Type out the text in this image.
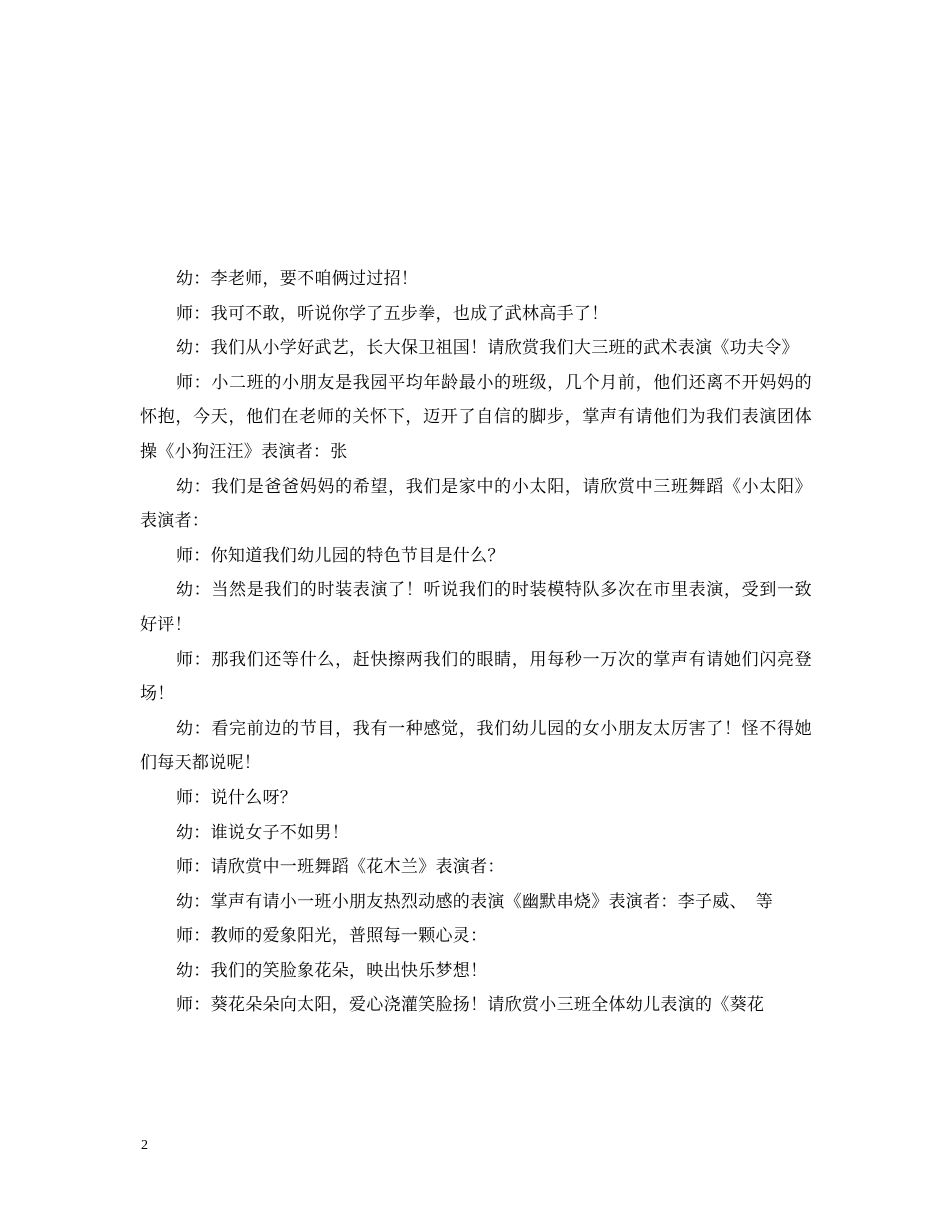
幼：李老师，要不咱俩过过招！

师：我可不敢，听说你学了五步拳，也成了武林高手了！

幼：我们从小学好武艺，长大保卫祖国！请欣赏我们大三班的武术表演《功夫令》

师：小二班的小朋友是我园平均年龄最小的班级，几个月前，他们还离不开妈妈的怀抱，今天，他们在老师的关怀下，迈开了自信的脚步，掌声有请他们为我们表演团体操《小狗汪汪》表演者：张

幼：我们是爸爸妈妈的希望，我们是家中的小太阳，请欣赏中三班舞蹈《小太阳》表演者：

师：你知道我们幼儿园的特色节目是什么？

幼：当然是我们的时装表演了！听说我们的时装模特队多次在市里表演，受到一致好评！

师：那我们还等什么，赶快擦两我们的眼睛，用每秒一万次的掌声有请她们闪亮登场！

幼：看完前边的节目，我有一种感觉，我们幼儿园的女小朋友太厉害了！怪不得她们每天都说呢！

师：说什么呀？

幼：谁说女子不如男！

师：请欣赏中一班舞蹈《花木兰》表演者：

幼：掌声有请小一班小朋友热烈动感的表演《幽默串烧》表演者：李子威、　等

师：教师的爱象阳光，普照每一颗心灵：

幼：我们的笑脸象花朵，映出快乐梦想！

师：葵花朵朵向太阳，爱心浇灌笑脸扬！请欣赏小三班全体幼儿表演的《葵花

2
